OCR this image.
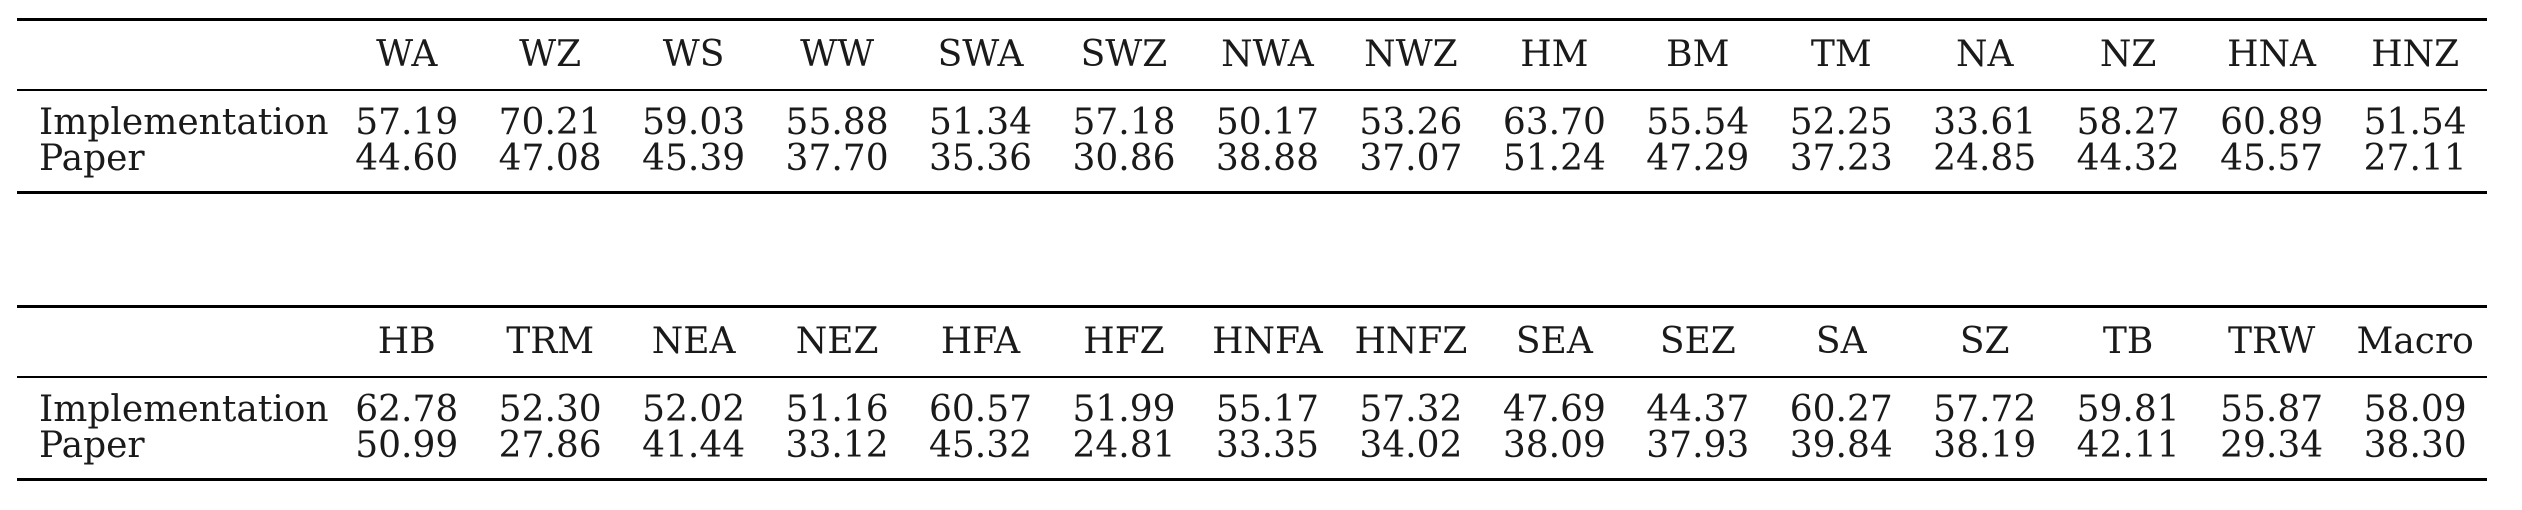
	WA	WZ	WS	WW	SWA	SWZ	NWA	NWZ	HM	BM	TM	NA	NZ	HNA	HNZ
Implementation	57.19	70.21	59.03	55.88	51.34	57.18	50.17	53.26	63.70	55.54	52.25	33.61	58.27	60.89	51.54
Paper	44.60	47.08	45.39	37.70	35.36	30.86	38.88	37.07	51.24	47.29	37.23	24.85	44.32	45.57	27.11
	HB	TRM	NEA	NEZ	HFA	HFZ	HNFA	HNFZ	SEA	SEZ	SA	SZ	TB	TRW	Macro
Implementation	62.78	52.30	52.02	51.16	60.57	51.99	55.17	57.32	47.69	44.37	60.27	57.72	59.81	55.87	58.09
Paper	50.99	27.86	41.44	33.12	45.32	24.81	33.35	34.02	38.09	37.93	39.84	38.19	42.11	29.34	38.30
